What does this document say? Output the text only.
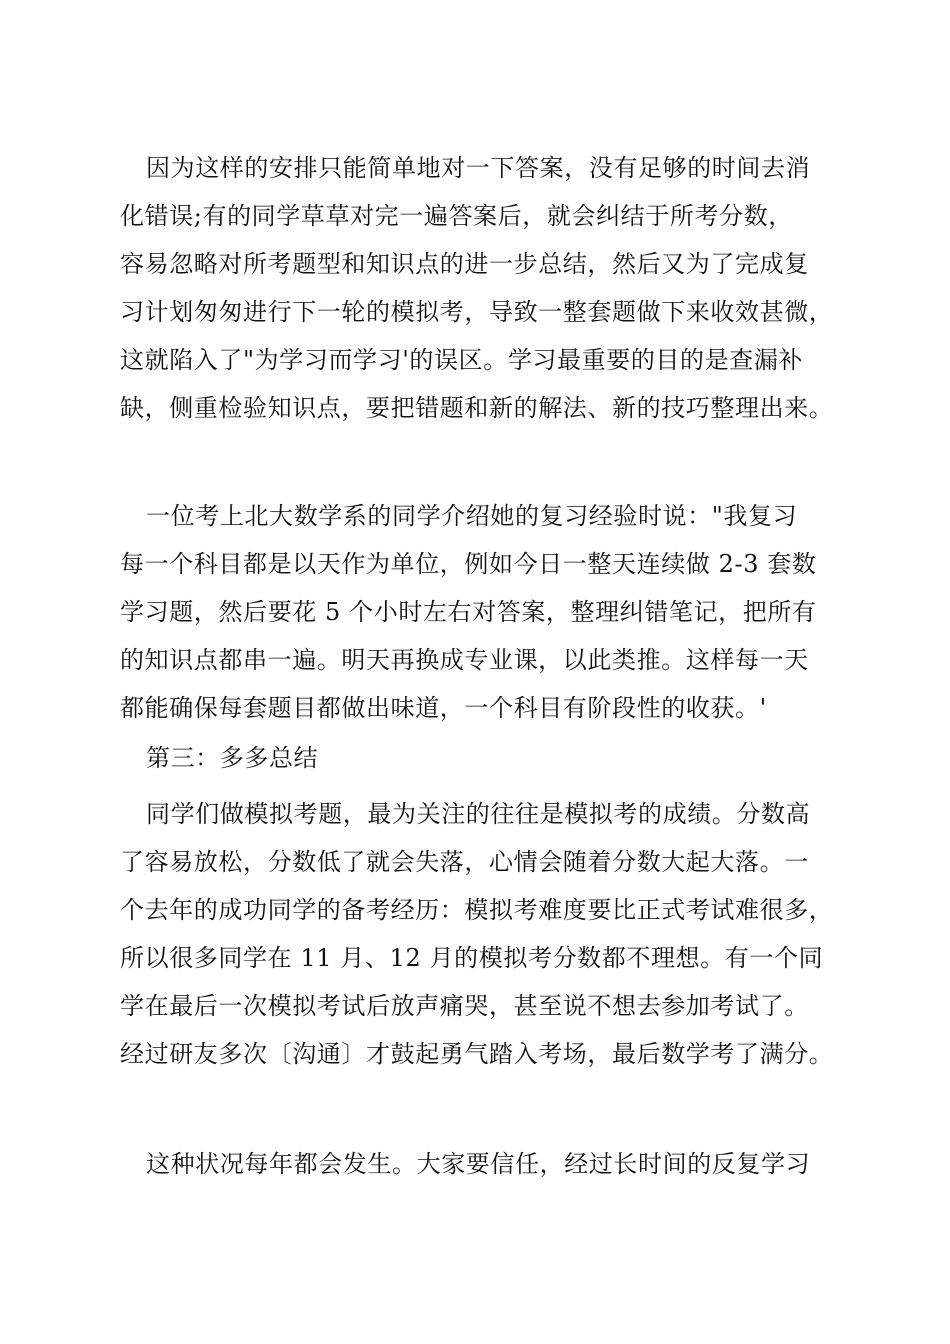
因为这样的安排只能简单地对一下答案，没有足够的时间去消
化错误;有的同学草草对完一遍答案后，就会纠结于所考分数，
容易忽略对所考题型和知识点的进一步总结，然后又为了完成复
习计划匆匆进行下一轮的模拟考，导致一整套题做下来收效甚微，
这就陷入了"为学习而学习'的误区。学习最重要的目的是查漏补
缺，侧重检验知识点，要把错题和新的解法、新的技巧整理出来。
一位考上北大数学系的同学介绍她的复习经验时说："我复习
每一个科目都是以天作为单位，例如今日一整天连续做 2-3 套数
学习题，然后要花 5 个小时左右对答案，整理纠错笔记，把所有
的知识点都串一遍。明天再换成专业课，以此类推。这样每一天
都能确保每套题目都做出味道，一个科目有阶段性的收获。'
第三：多多总结
同学们做模拟考题，最为关注的往往是模拟考的成绩。分数高
了容易放松，分数低了就会失落，心情会随着分数大起大落。一
个去年的成功同学的备考经历：模拟考难度要比正式考试难很多，
所以很多同学在 11 月、12 月的模拟考分数都不理想。有一个同
学在最后一次模拟考试后放声痛哭，甚至说不想去参加考试了。
经过研友多次〔沟通〕才鼓起勇气踏入考场，最后数学考了满分。
这种状况每年都会发生。大家要信任，经过长时间的反复学习
